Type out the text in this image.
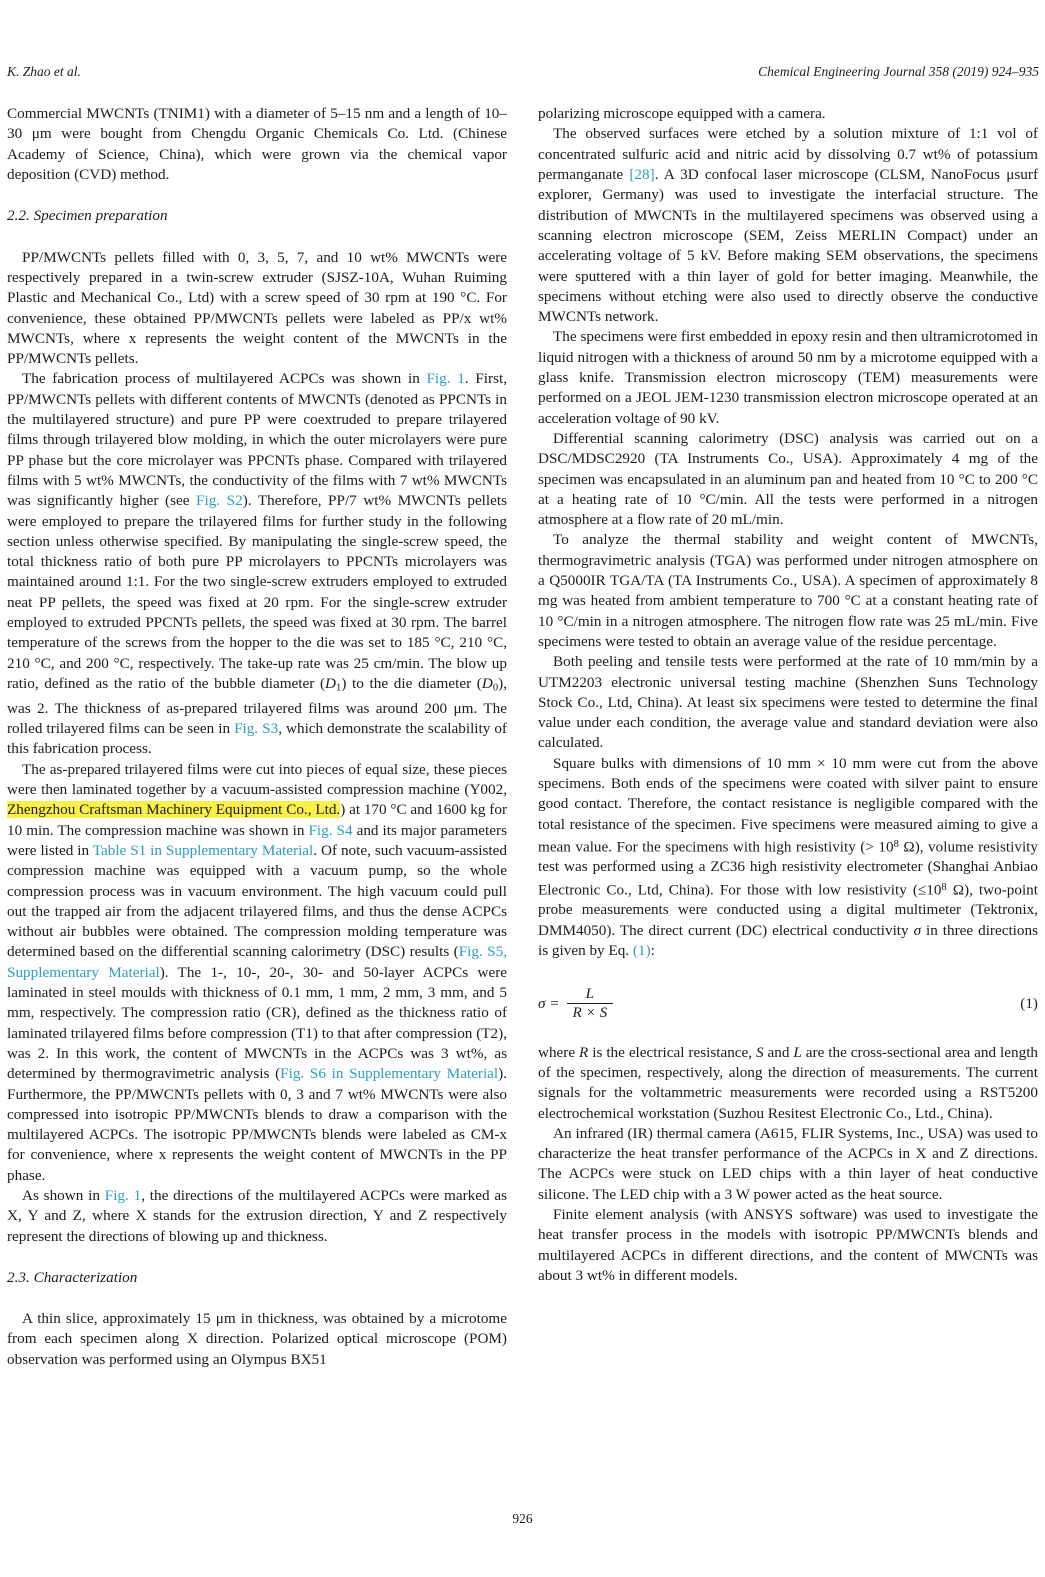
K. Zhao et al.	Chemical Engineering Journal 358 (2019) 924–935

Commercial MWCNTs (TNIM1) with a diameter of 5–15 nm and a length of 10–30 μm were bought from Chengdu Organic Chemicals Co. Ltd. (Chinese Academy of Science, China), which were grown via the chemical vapor deposition (CVD) method.

2.2. Specimen preparation

PP/MWCNTs pellets filled with 0, 3, 5, 7, and 10 wt% MWCNTs were respectively prepared in a twin-screw extruder (SJSZ-10A, Wuhan Ruiming Plastic and Mechanical Co., Ltd) with a screw speed of 30 rpm at 190 °C. For convenience, these obtained PP/MWCNTs pellets were labeled as PP/x wt% MWCNTs, where x represents the weight content of the MWCNTs in the PP/MWCNTs pellets.

The fabrication process of multilayered ACPCs was shown in Fig. 1. First, PP/MWCNTs pellets with different contents of MWCNTs (denoted as PPCNTs in the multilayered structure) and pure PP were coextruded to prepare trilayered films through trilayered blow molding, in which the outer microlayers were pure PP phase but the core microlayer was PPCNTs phase. Compared with trilayered films with 5 wt% MWCNTs, the conductivity of the films with 7 wt% MWCNTs was significantly higher (see Fig. S2). Therefore, PP/7 wt% MWCNTs pellets were employed to prepare the trilayered films for further study in the following section unless otherwise specified. By manipulating the single-screw speed, the total thickness ratio of both pure PP microlayers to PPCNTs microlayers was maintained around 1:1. For the two single-screw extruders employed to extruded neat PP pellets, the speed was fixed at 20 rpm. For the single-screw extruder employed to extruded PPCNTs pellets, the speed was fixed at 30 rpm. The barrel temperature of the screws from the hopper to the die was set to 185 °C, 210 °C, 210 °C, and 200 °C, respectively. The take-up rate was 25 cm/min. The blow up ratio, defined as the ratio of the bubble diameter $(D_1)$ to the die diameter $(D_0)$, was 2. The thickness of as-prepared trilayered films was around 200 μm. The rolled trilayered films can be seen in Fig. S3, which demonstrate the scalability of this fabrication process.

The as-prepared trilayered films were cut into pieces of equal size, these pieces were then laminated together by a vacuum-assisted compression machine (Y002, Zhengzhou Craftsman Machinery Equipment Co., Ltd.) at 170 °C and 1600 kg for 10 min. The compression machine was shown in Fig. S4 and its major parameters were listed in Table S1 in Supplementary Material. Of note, such vacuum-assisted compression machine was equipped with a vacuum pump, so the whole compression process was in vacuum environment. The high vacuum could pull out the trapped air from the adjacent trilayered films, and thus the dense ACPCs without air bubbles were obtained. The compression molding temperature was determined based on the differential scanning calorimetry (DSC) results (Fig. S5, Supplementary Material). The 1-, 10-, 20-, 30- and 50-layer ACPCs were laminated in steel moulds with thickness of 0.1 mm, 1 mm, 2 mm, 3 mm, and 5 mm, respectively. The compression ratio (CR), defined as the thickness ratio of laminated trilayered films before compression (T1) to that after compression (T2), was 2. In this work, the content of MWCNTs in the ACPCs was 3 wt%, as determined by thermogravimetric analysis (Fig. S6 in Supplementary Material). Furthermore, the PP/MWCNTs pellets with 0, 3 and 7 wt% MWCNTs were also compressed into isotropic PP/MWCNTs blends to draw a comparison with the multilayered ACPCs. The isotropic PP/MWCNTs blends were labeled as CM-x for convenience, where x represents the weight content of MWCNTs in the PP phase.

As shown in Fig. 1, the directions of the multilayered ACPCs were marked as X, Y and Z, where X stands for the extrusion direction, Y and Z respectively represent the directions of blowing up and thickness.

2.3. Characterization

A thin slice, approximately 15 μm in thickness, was obtained by a microtome from each specimen along X direction. Polarized optical microscope (POM) observation was performed using an Olympus BX51

polarizing microscope equipped with a camera.

The observed surfaces were etched by a solution mixture of 1:1 vol of concentrated sulfuric acid and nitric acid by dissolving 0.7 wt% of potassium permanganate [28]. A 3D confocal laser microscope (CLSM, NanoFocus μsurf explorer, Germany) was used to investigate the interfacial structure. The distribution of MWCNTs in the multilayered specimens was observed using a scanning electron microscope (SEM, Zeiss MERLIN Compact) under an accelerating voltage of 5 kV. Before making SEM observations, the specimens were sputtered with a thin layer of gold for better imaging. Meanwhile, the specimens without etching were also used to directly observe the conductive MWCNTs network.

The specimens were first embedded in epoxy resin and then ultramicrotomed in liquid nitrogen with a thickness of around 50 nm by a microtome equipped with a glass knife. Transmission electron microscopy (TEM) measurements were performed on a JEOL JEM-1230 transmission electron microscope operated at an acceleration voltage of 90 kV.

Differential scanning calorimetry (DSC) analysis was carried out on a DSC/MDSC2920 (TA Instruments Co., USA). Approximately 4 mg of the specimen was encapsulated in an aluminum pan and heated from 10 °C to 200 °C at a heating rate of 10 °C/min. All the tests were performed in a nitrogen atmosphere at a flow rate of 20 mL/min.

To analyze the thermal stability and weight content of MWCNTs, thermogravimetric analysis (TGA) was performed under nitrogen atmosphere on a Q5000IR TGA/TA (TA Instruments Co., USA). A specimen of approximately 8 mg was heated from ambient temperature to 700 °C at a constant heating rate of 10 °C/min in a nitrogen atmosphere. The nitrogen flow rate was 25 mL/min. Five specimens were tested to obtain an average value of the residue percentage.

Both peeling and tensile tests were performed at the rate of 10 mm/min by a UTM2203 electronic universal testing machine (Shenzhen Suns Technology Stock Co., Ltd, China). At least six specimens were tested to determine the final value under each condition, the average value and standard deviation were also calculated.

Square bulks with dimensions of 10 mm × 10 mm were cut from the above specimens. Both ends of the specimens were coated with silver paint to ensure good contact. Therefore, the contact resistance is negligible compared with the total resistance of the specimen. Five specimens were measured aiming to give a mean value. For the specimens with high resistivity (> $10^8$ Ω), volume resistivity test was performed using a ZC36 high resistivity electrometer (Shanghai Anbiao Electronic Co., Ltd, China). For those with low resistivity ($\le 10^8$ Ω), two-point probe measurements were conducted using a digital multimeter (Tektronix, DMM4050). The direct current (DC) electrical conductivity σ in three directions is given by Eq. (1):

$\sigma = \frac{L}{R \times S}$	(1)

where R is the electrical resistance, S and L are the cross-sectional area and length of the specimen, respectively, along the direction of measurements. The current signals for the voltammetric measurements were recorded using a RST5200 electrochemical workstation (Suzhou Resitest Electronic Co., Ltd., China).

An infrared (IR) thermal camera (A615, FLIR Systems, Inc., USA) was used to characterize the heat transfer performance of the ACPCs in X and Z directions. The ACPCs were stuck on LED chips with a thin layer of heat conductive silicone. The LED chip with a 3 W power acted as the heat source.

Finite element analysis (with ANSYS software) was used to investigate the heat transfer process in the models with isotropic PP/MWCNTs blends and multilayered ACPCs in different directions, and the content of MWCNTs was about 3 wt% in different models.

926
